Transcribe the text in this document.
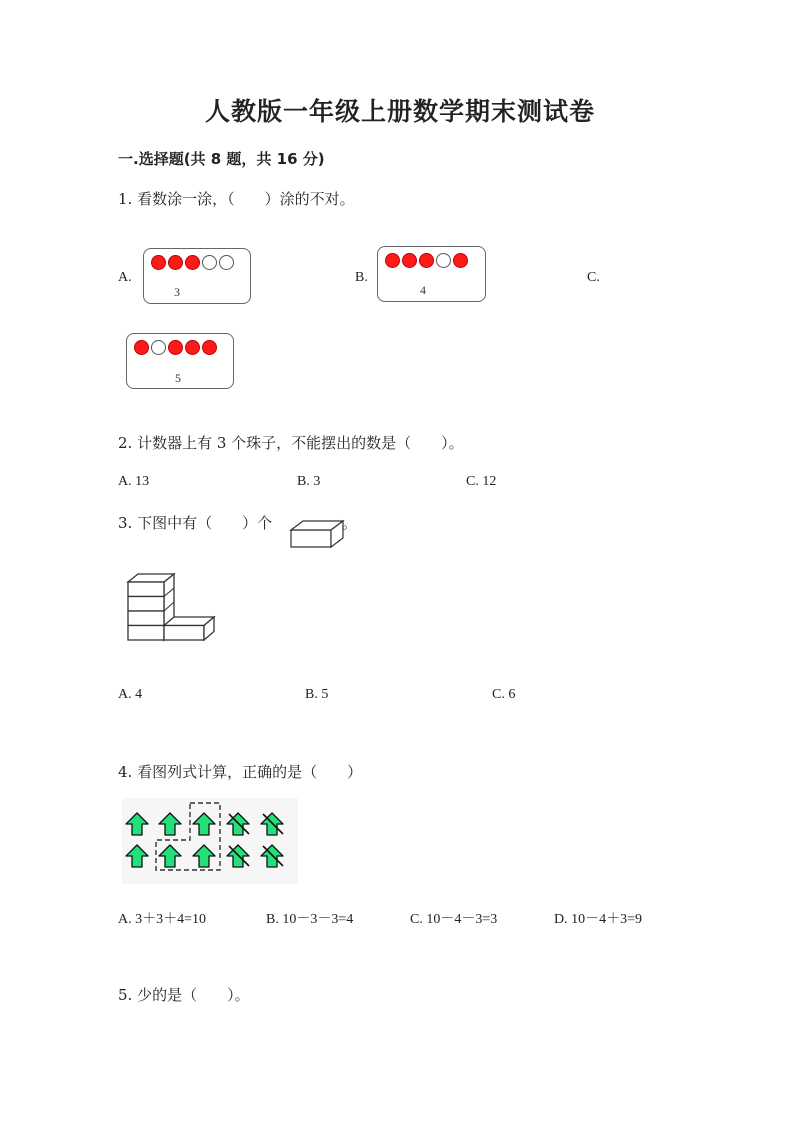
人教版一年级上册数学期末测试卷
一.选择题(共 8 题，共 16 分)
1. 看数涂一涂，（　　）涂的不对。
A.
3
B.
4
C.
5
2. 计数器上有 3 个珠子，不能摆出的数是（　　）。
A. 13	B. 3	C. 12
3. 下图中有（　　）个	。
A. 4	B. 5	C. 6
4. 看图列式计算，正确的是（　　）
A. 3＋3＋4=10	B. 10－3－3=4	C. 10－4－3=3	D. 10－4＋3=9
5. 少的是（　　）。
